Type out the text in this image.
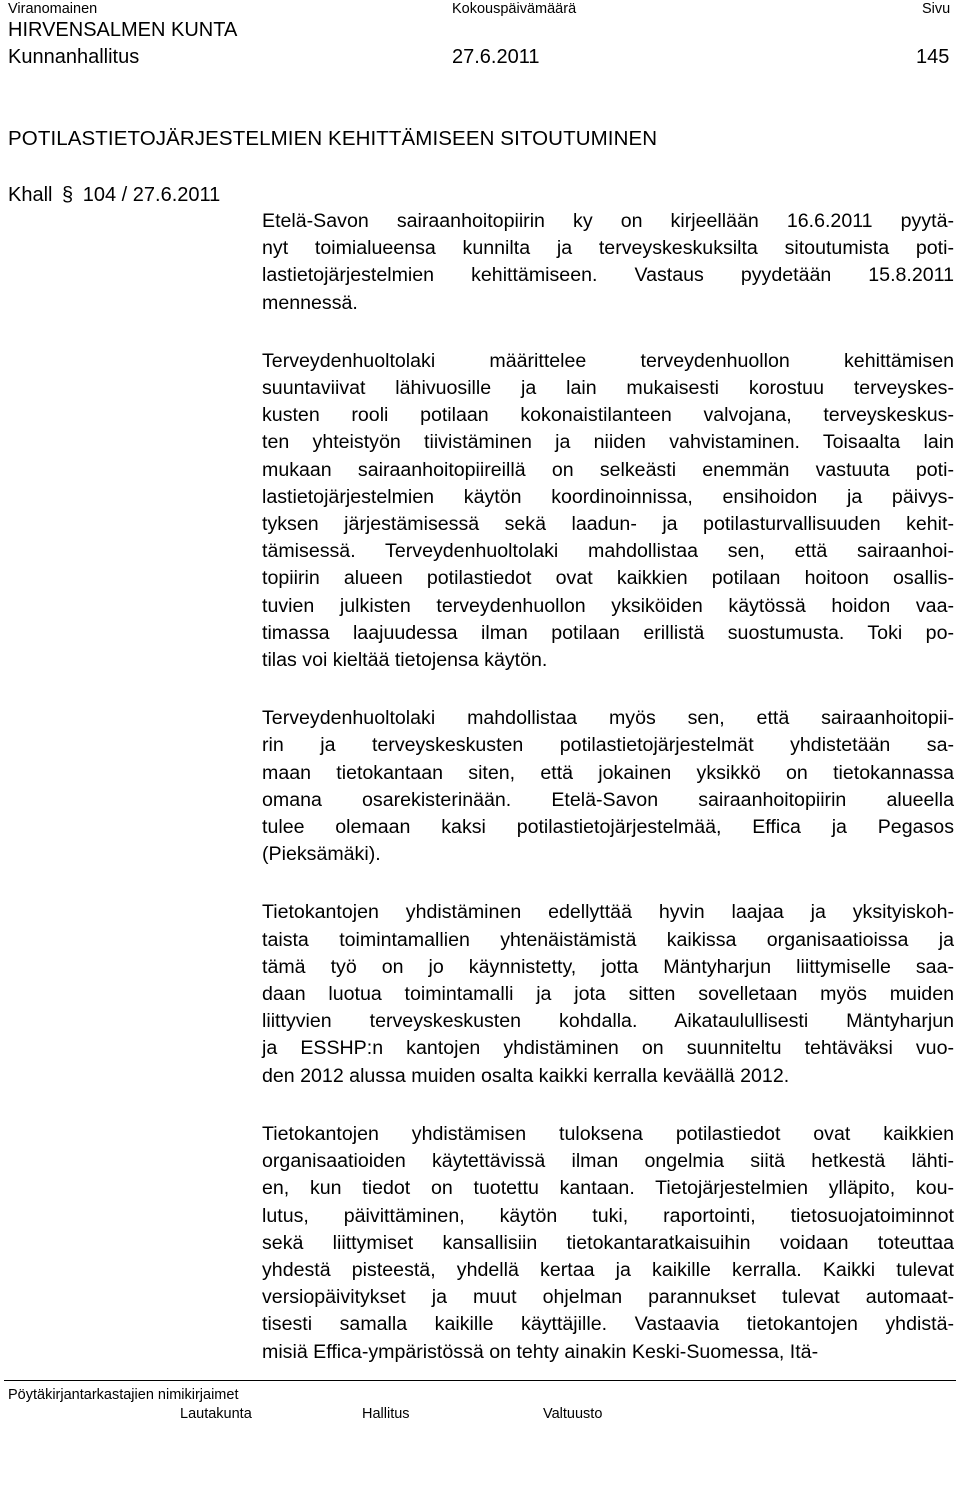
Viranomainen	Kokouspäivämäärä	Sivu
HIRVENSALMEN KUNTA
Kunnanhallitus	27.6.2011	145
POTILASTIETOJÄRJESTELMIEN KEHITTÄMISEEN SITOUTUMINEN
Khall § 104 / 27.6.2011
Etelä-Savon sairaanhoitopiirin ky on kirjeellään 16.6.2011 pyytä-
nyt toimialueensa kunnilta ja terveyskeskuksilta sitoutumista poti-
lastietojärjestelmien kehittämiseen. Vastaus pyydetään 15.8.2011
mennessä.
Terveydenhuoltolaki määrittelee terveydenhuollon kehittämisen
suuntaviivat lähivuosille ja lain mukaisesti korostuu terveyskes-
kusten rooli potilaan kokonaistilanteen valvojana, terveyskeskus-
ten yhteistyön tiivistäminen ja niiden vahvistaminen. Toisaalta lain
mukaan sairaanhoitopiireillä on selkeästi enemmän vastuuta poti-
lastietojärjestelmien käytön koordinoinnissa, ensihoidon ja päivys-
tyksen järjestämisessä sekä laadun- ja potilasturvallisuuden kehit-
tämisessä. Terveydenhuoltolaki mahdollistaa sen, että sairaanhoi-
topiirin alueen potilastiedot ovat kaikkien potilaan hoitoon osallis-
tuvien julkisten terveydenhuollon yksiköiden käytössä hoidon vaa-
timassa laajuudessa ilman potilaan erillistä suostumusta. Toki po-
tilas voi kieltää tietojensa käytön.
Terveydenhuoltolaki mahdollistaa myös sen, että sairaanhoitopii-
rin ja terveyskeskusten potilastietojärjestelmät yhdistetään sa-
maan tietokantaan siten, että jokainen yksikkö on tietokannassa
omana osarekisterinään. Etelä-Savon sairaanhoitopiirin alueella
tulee olemaan kaksi potilastietojärjestelmää, Effica ja Pegasos
(Pieksämäki).
Tietokantojen yhdistäminen edellyttää hyvin laajaa ja yksityiskoh-
taista toimintamallien yhtenäistämistä kaikissa organisaatioissa ja
tämä työ on jo käynnistetty, jotta Mäntyharjun liittymiselle saa-
daan luotua toimintamalli ja jota sitten sovelletaan myös muiden
liittyvien terveyskeskusten kohdalla. Aikataulullisesti Mäntyharjun
ja ESSHP:n kantojen yhdistäminen on suunniteltu tehtäväksi vuo-
den 2012 alussa muiden osalta kaikki kerralla keväällä 2012.
Tietokantojen yhdistämisen tuloksena potilastiedot ovat kaikkien
organisaatioiden käytettävissä ilman ongelmia siitä hetkestä lähti-
en, kun tiedot on tuotettu kantaan. Tietojärjestelmien ylläpito, kou-
lutus, päivittäminen, käytön tuki, raportointi, tietosuojatoiminnot
sekä liittymiset kansallisiin tietokantaratkaisuihin voidaan toteuttaa
yhdestä pisteestä, yhdellä kertaa ja kaikille kerralla. Kaikki tulevat
versiopäivitykset ja muut ohjelman parannukset tulevat automaat-
tisesti samalla kaikille käyttäjille. Vastaavia tietokantojen yhdistä-
misiä Effica-ympäristössä on tehty ainakin Keski-Suomessa, Itä-
Pöytäkirjantarkastajien nimikirjaimet
Lautakunta	Hallitus	Valtuusto
